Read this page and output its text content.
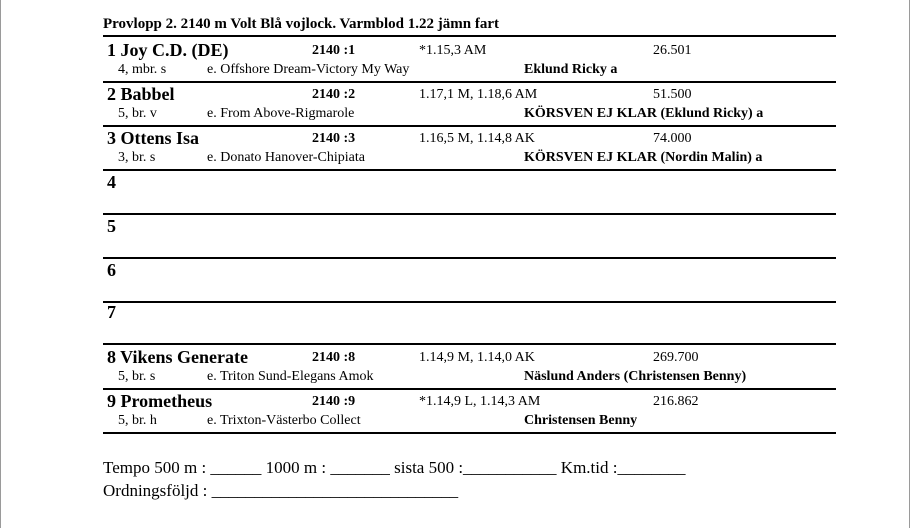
Provlopp 2. 2140 m Volt Blå vojlock. Varmblod 1.22 jämn fart
1 Joy C.D. (DE)	2140 :1	*1.15,3 AM	26.501
4, mbr. s	e. Offshore Dream-Victory My Way	Eklund Ricky a
2 Babbel	2140 :2	1.17,1 M, 1.18,6 AM	51.500
5, br. v	e. From Above-Rigmarole	KÖRSVEN EJ KLAR (Eklund Ricky) a
3 Ottens Isa	2140 :3	1.16,5 M, 1.14,8 AK	74.000
3, br. s	e. Donato Hanover-Chipiata	KÖRSVEN EJ KLAR (Nordin Malin) a
4
5
6
7
8 Vikens Generate	2140 :8	1.14,9 M, 1.14,0 AK	269.700
5, br. s	e. Triton Sund-Elegans Amok	Näslund Anders (Christensen Benny)
9 Prometheus	2140 :9	*1.14,9 L, 1.14,3 AM	216.862
5, br. h	e. Trixton-Västerbo Collect	Christensen Benny
Tempo 500 m : ______ 1000 m : _______ sista 500 :___________ Km.tid :________
Ordningsföljd : _____________________________
